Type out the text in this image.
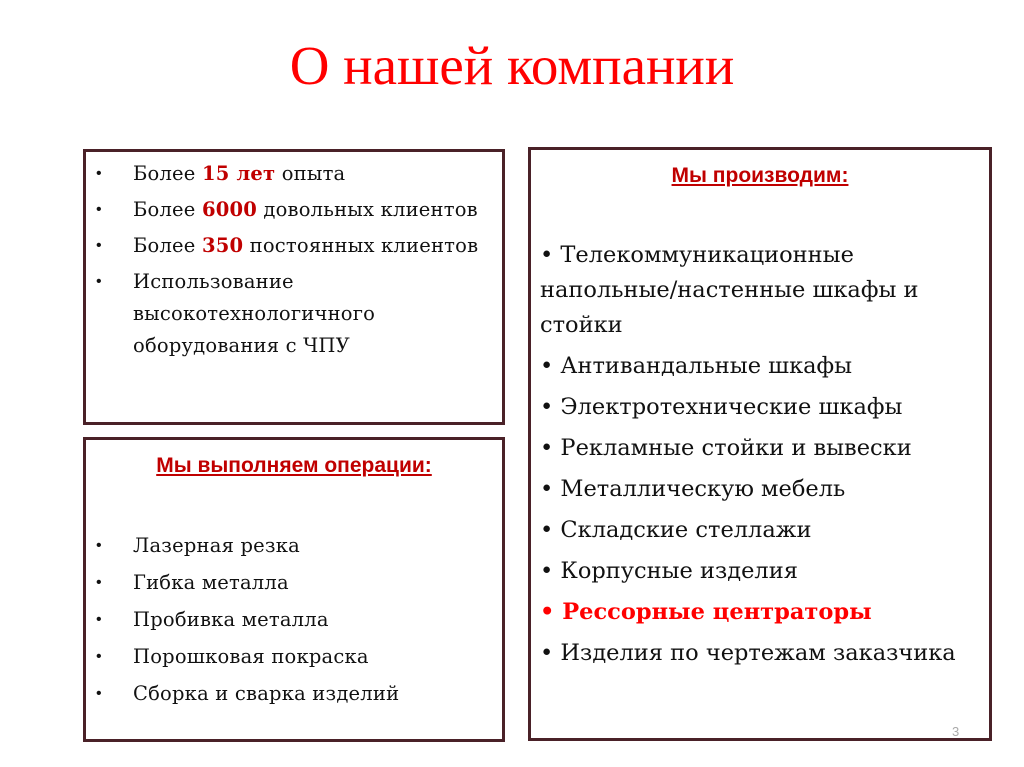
О нашей компании
• Более 15 лет опыта
• Более 6000 довольных клиентов
• Более 350 постоянных клиентов
• Использование высокотехнологичного оборудования с ЧПУ
Мы выполняем операции:
• Лазерная резка
• Гибка металла
• Пробивка металла
• Порошковая покраска
• Сборка и сварка изделий
Мы производим:
• Телекоммуникационные напольные/настенные шкафы и стойки
• Антивандальные шкафы
• Электротехнические шкафы
• Рекламные стойки и вывески
• Металлическую мебель
• Складские стеллажи
• Корпусные изделия
• Рессорные центраторы
• Изделия по чертежам заказчика
3
